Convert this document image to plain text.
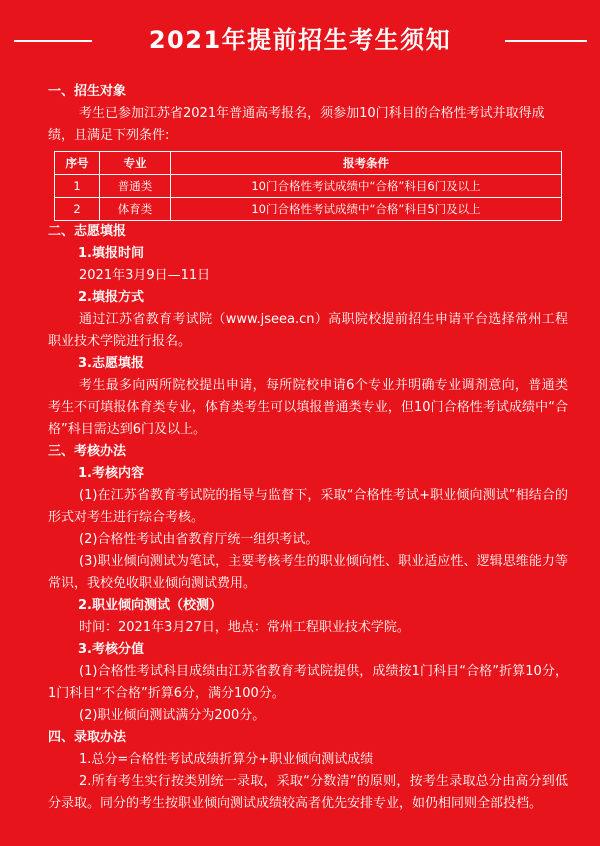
2021年提前招生考生须知

一、招生对象

考生已参加江苏省2021年普通高考报名，须参加10门科目的合格性考试并取得成绩，且满足下列条件:

序号	专业	报考条件
1	普通类	10门合格性考试成绩中“合格”科目6门及以上
2	体育类	10门合格性考试成绩中“合格”科目5门及以上

二、志愿填报

1.填报时间

2021年3月9日—11日

2.填报方式

通过江苏省教育考试院（www.jseea.cn）高职院校提前招生申请平台选择常州工程职业技术学院进行报名。

3.志愿填报

考生最多向两所院校提出申请，每所院校申请6个专业并明确专业调剂意向，普通类考生不可填报体育类专业，体育类考生可以填报普通类专业，但10门合格性考试成绩中“合格”科目需达到6门及以上。

三、考核办法

1.考核内容

(1)在江苏省教育考试院的指导与监督下，采取“合格性考试+职业倾向测试”相结合的形式对考生进行综合考核。

(2)合格性考试由省教育厅统一组织考试。

(3)职业倾向测试为笔试，主要考核考生的职业倾向性、职业适应性、逻辑思维能力等常识，我校免收职业倾向测试费用。

2.职业倾向测试（校测）

时间：2021年3月27日，地点：常州工程职业技术学院。

3.考核分值

(1)合格性考试科目成绩由江苏省教育考试院提供，成绩按1门科目“合格”折算10分，1门科目“不合格”折算6分，满分100分。

(2)职业倾向测试满分为200分。

四、录取办法

1.总分=合格性考试成绩折算分+职业倾向测试成绩

2.所有考生实行按类别统一录取，采取“分数清”的原则，按考生录取总分由高分到低分录取。同分的考生按职业倾向测试成绩较高者优先安排专业，如仍相同则全部投档。
